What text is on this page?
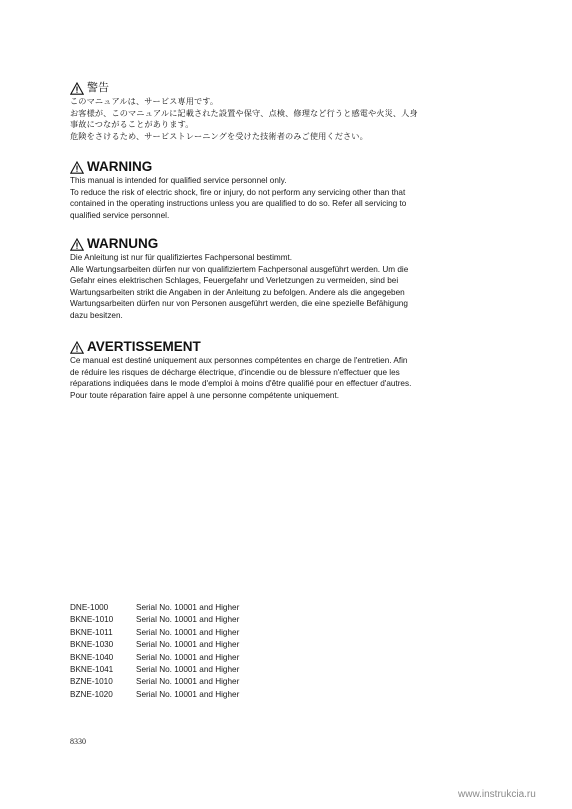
警告
このマニュアルは、サービス専用です。
お客様が、このマニュアルに記載された設置や保守、点検、修理など行うと感電や火災、人身
事故につながることがあります。
危険をさけるため、サービストレーニングを受けた技術者のみご使用ください。
WARNING
This manual is intended for qualified service personnel only.
To reduce the risk of electric shock, fire or injury, do not perform any servicing other than that
contained in the operating instructions unless you are qualified to do so. Refer all servicing to
qualified service personnel.
WARNUNG
Die Anleitung ist nur für qualifiziertes Fachpersonal bestimmt.
Alle Wartungsarbeiten dürfen nur von qualifiziertem Fachpersonal ausgeführt werden. Um die
Gefahr eines elektrischen Schlages, Feuergefahr und Verletzungen zu vermeiden, sind bei
Wartungsarbeiten strikt die Angaben in der Anleitung zu befolgen. Andere als die angegeben
Wartungsarbeiten dürfen nur von Personen ausgeführt werden, die eine spezielle Befähigung
dazu besitzen.
AVERTISSEMENT
Ce manual est destiné uniquement aux personnes compétentes en charge de l'entretien. Afin
de réduire les risques de décharge électrique, d'incendie ou de blessure n'effectuer que les
réparations indiquées dans le mode d'emploi à moins d'être qualifié pour en effectuer d'autres.
Pour toute réparation faire appel à une personne compétente uniquement.
DNE-1000	Serial No. 10001 and Higher
BKNE-1010	Serial No. 10001 and Higher
BKNE-1011	Serial No. 10001 and Higher
BKNE-1030	Serial No. 10001 and Higher
BKNE-1040	Serial No. 10001 and Higher
BKNE-1041	Serial No. 10001 and Higher
BZNE-1010	Serial No. 10001 and Higher
BZNE-1020	Serial No. 10001 and Higher
8330
www.instrukcia.ru
